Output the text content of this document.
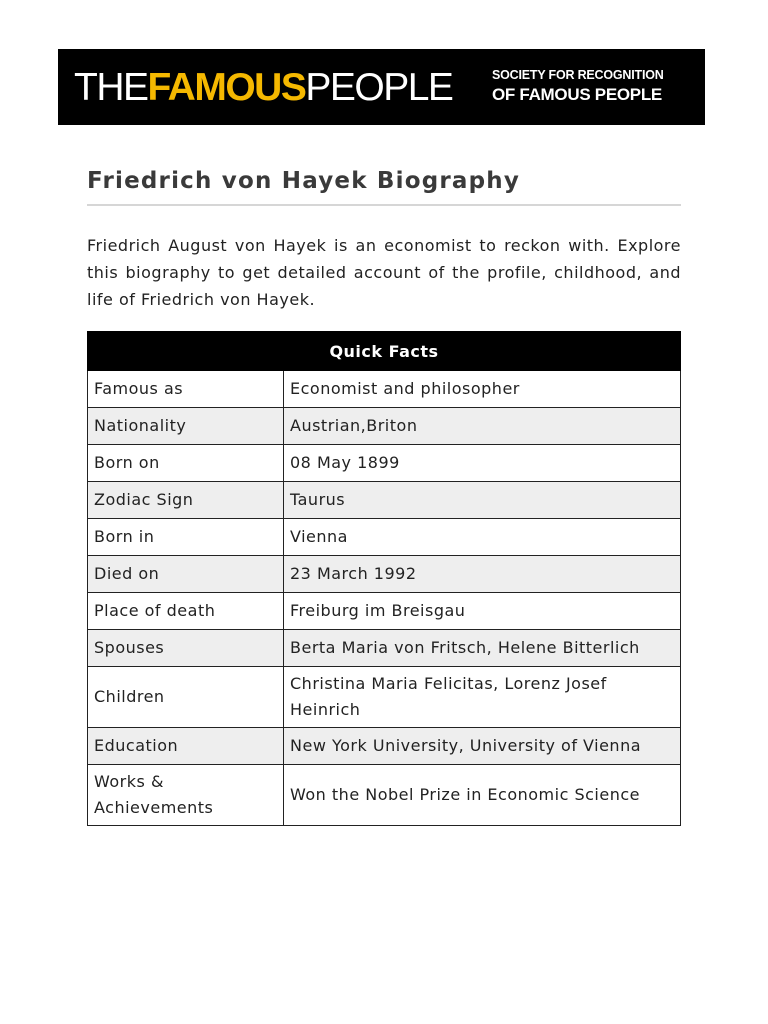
THE FAMOUS PEOPLE	SOCIETY FOR RECOGNITION
OF FAMOUS PEOPLE
Friedrich von Hayek Biography

Friedrich August von Hayek is an economist to reckon with. Explore this biography to get detailed account of the profile, childhood, and life of Friedrich von Hayek.

Quick Facts	
Famous as	Economist and philosopher
Nationality	Austrian,Briton
Born on	08 May 1899
Zodiac Sign	Taurus
Born in	Vienna
Died on	23 March 1992
Place of death	Freiburg im Breisgau
Spouses	Berta Maria von Fritsch, Helene Bitterlich
Children	Christina Maria Felicitas, Lorenz Josef Heinrich
Education	New York University, University of Vienna
Works & Achievements	Won the Nobel Prize in Economic Science
